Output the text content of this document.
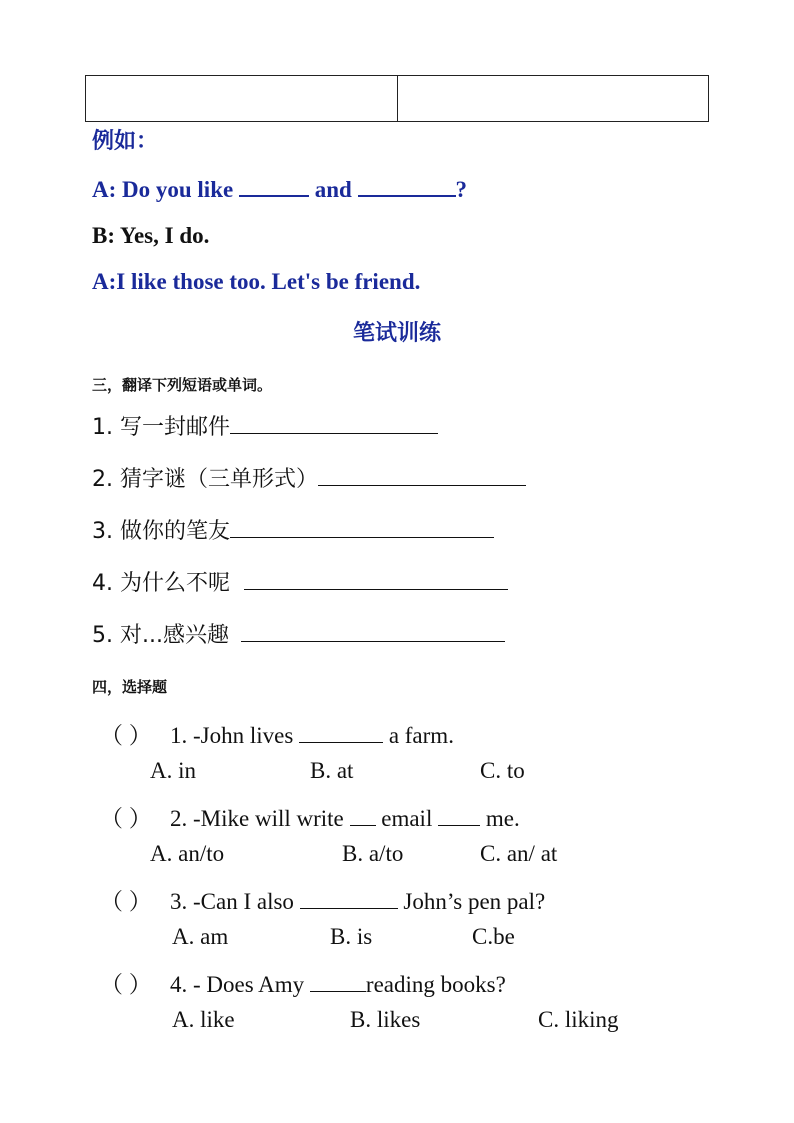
例如：
A: Do you like	and	?
B: Yes, I do.
A:I like those too. Let's be friend.
笔试训练
三，翻译下列短语或单词。
1. 写一封邮件
2. 猜字谜（三单形式）
3. 做你的笔友
4. 为什么不呢
5. 对...感兴趣
四，选择题
（ ） 1. -John lives	a farm.
A. in	B. at	C. to
（ ） 2. -Mike will write  email  me.
A. an/to	B. a/to	C. an/ at
（ ） 3. -Can I also	John’s pen pal?
A. am	B. is	C.be
（ ） 4. - Does Amy reading books?
A. like	B. likes	C. liking
